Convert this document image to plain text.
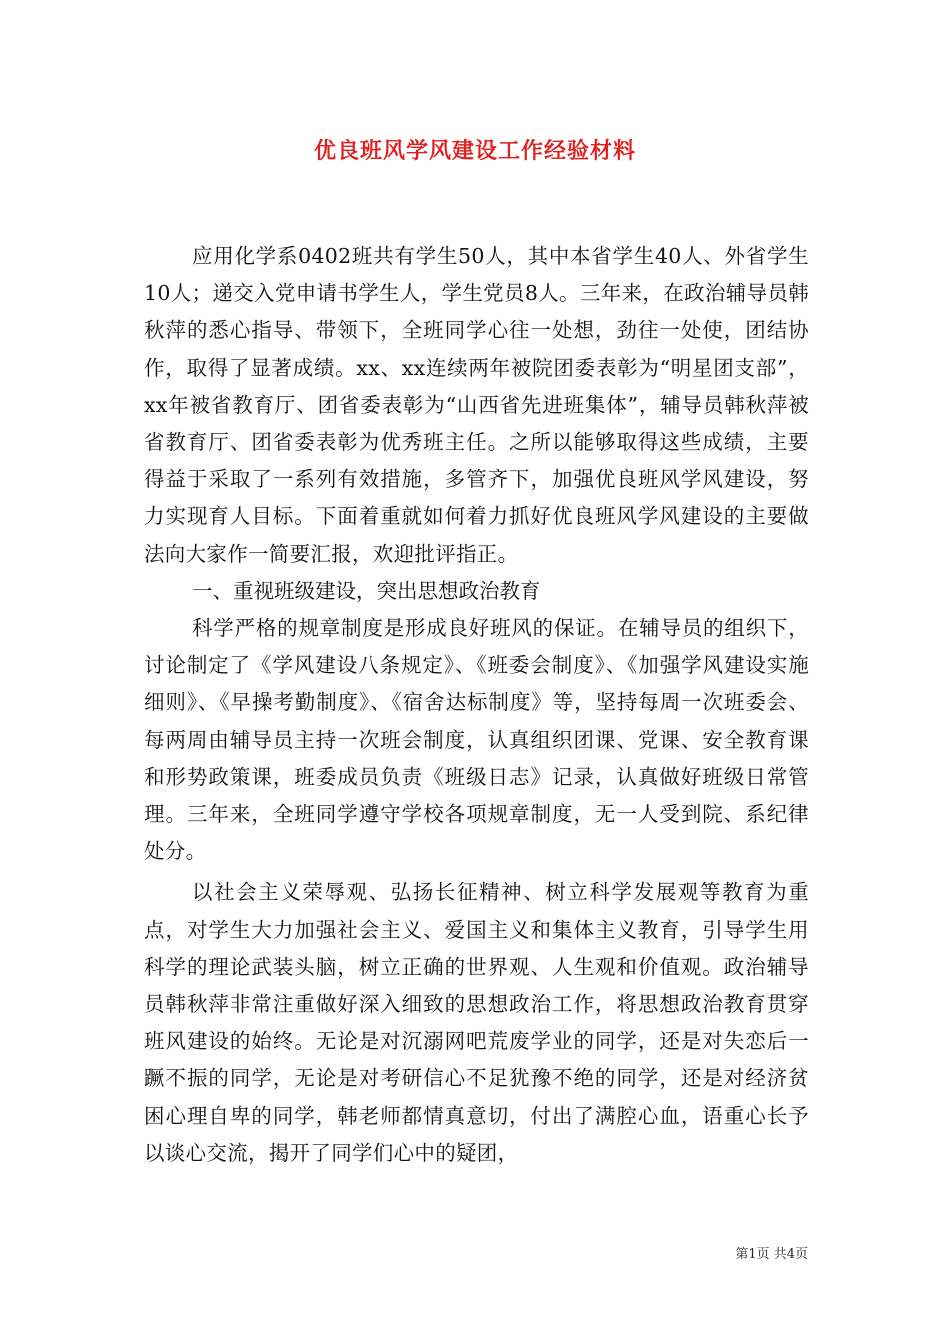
优良班风学风建设工作经验材料

应用化学系0402班共有学生50人，其中本省学生40人、外省学生10人；递交入党申请书学生人，学生党员8人。三年来，在政治辅导员韩秋萍的悉心指导、带领下，全班同学心往一处想，劲往一处使，团结协作，取得了显著成绩。xx、xx连续两年被院团委表彰为“明星团支部”，xx年被省教育厅、团省委表彰为“山西省先进班集体”，辅导员韩秋萍被省教育厅、团省委表彰为优秀班主任。之所以能够取得这些成绩，主要得益于采取了一系列有效措施，多管齐下，加强优良班风学风建设，努力实现育人目标。下面着重就如何着力抓好优良班风学风建设的主要做法向大家作一简要汇报，欢迎批评指正。

一、重视班级建设，突出思想政治教育

科学严格的规章制度是形成良好班风的保证。在辅导员的组织下，讨论制定了《学风建设八条规定》、《班委会制度》、《加强学风建设实施细则》、《早操考勤制度》、《宿舍达标制度》等，坚持每周一次班委会、每两周由辅导员主持一次班会制度，认真组织团课、党课、安全教育课和形势政策课，班委成员负责《班级日志》记录，认真做好班级日常管理。三年来，全班同学遵守学校各项规章制度，无一人受到院、系纪律处分。

以社会主义荣辱观、弘扬长征精神、树立科学发展观等教育为重点，对学生大力加强社会主义、爱国主义和集体主义教育，引导学生用科学的理论武装头脑，树立正确的世界观、人生观和价值观。政治辅导员韩秋萍非常注重做好深入细致的思想政治工作，将思想政治教育贯穿班风建设的始终。无论是对沉溺网吧荒废学业的同学，还是对失恋后一蹶不振的同学，无论是对考研信心不足犹豫不绝的同学，还是对经济贫困心理自卑的同学，韩老师都情真意切，付出了满腔心血，语重心长予以谈心交流，揭开了同学们心中的疑团，

第1页 共4页
